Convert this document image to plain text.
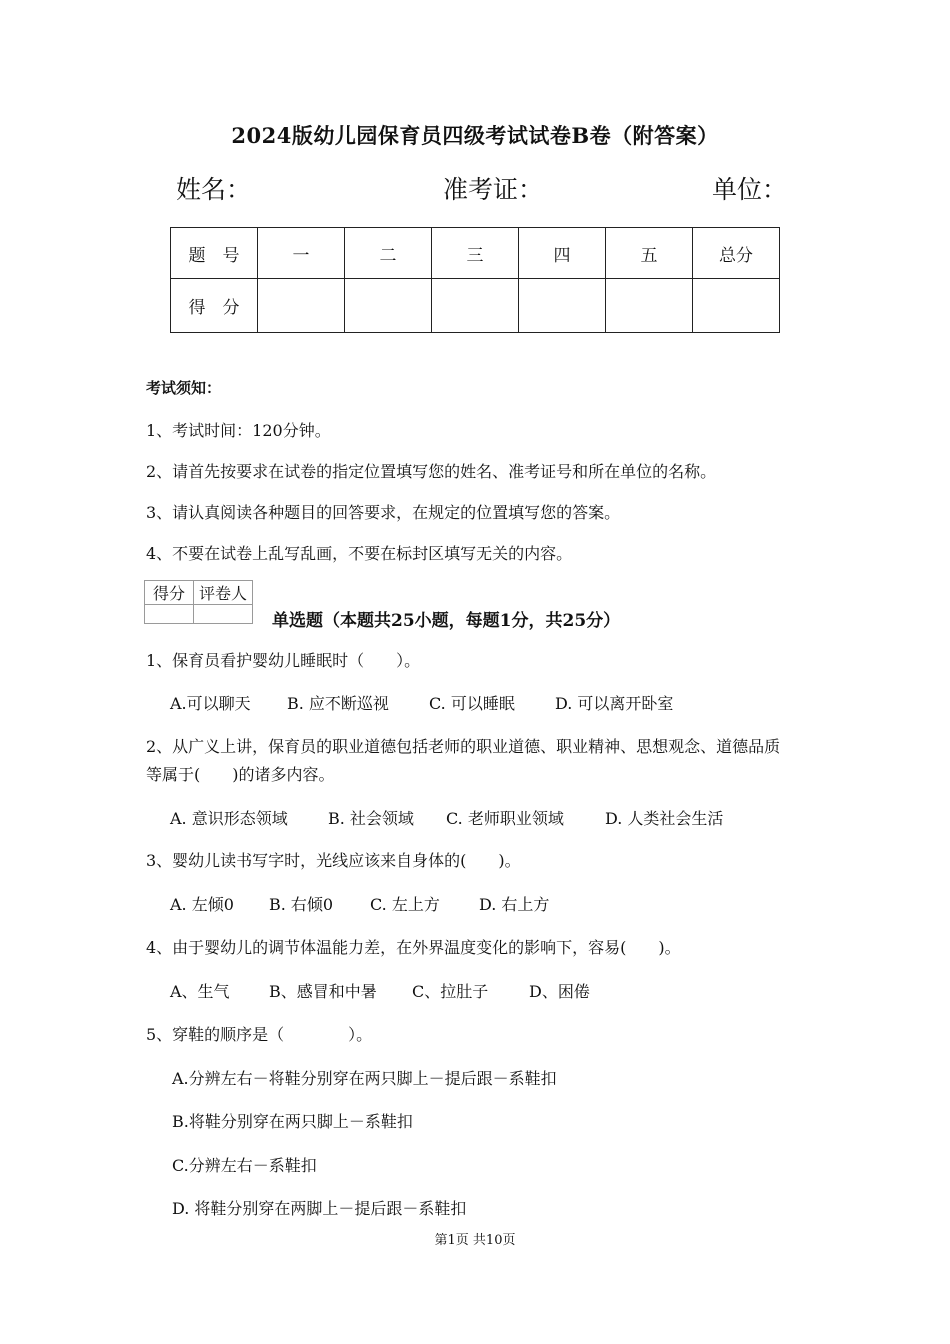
2024版幼儿园保育员四级考试试卷B卷（附答案）
姓名：	准考证：	单位：
题　号	一	二	三	四	五	总分
得　分						
考试须知：
1、考试时间：120分钟。
2、请首先按要求在试卷的指定位置填写您的姓名、准考证号和所在单位的名称。
3、请认真阅读各种题目的回答要求，在规定的位置填写您的答案。
4、不要在试卷上乱写乱画，不要在标封区填写无关的内容。
得分	评卷人

单选题（本题共25小题，每题1分，共25分）
1、保育员看护婴幼儿睡眠时（　　）。
A.可以聊天 B. 应不断巡视	C. 可以睡眠	D. 可以离开卧室
2、从广义上讲，保育员的职业道德包括老师的职业道德、职业精神、思想观念、道德品质
等属于(　　)的诸多内容。
A. 意识形态领域	B. 社会领域 C. 老师职业领域	D. 人类社会生活
3、婴幼儿读书写字时，光线应该来自身体的(　　)。
A. 左倾0 B. 右倾0 C. 左上方 D. 右上方
4、由于婴幼儿的调节体温能力差，在外界温度变化的影响下，容易(　　)。
A、生气 B、感冒和中暑 C、拉肚子	D、困倦
5、穿鞋的顺序是（　　　　）。
A.分辨左右－将鞋分别穿在两只脚上－提后跟－系鞋扣
B.将鞋分别穿在两只脚上－系鞋扣
C.分辨左右－系鞋扣
D. 将鞋分别穿在两脚上－提后跟－系鞋扣
第1页 共10页
